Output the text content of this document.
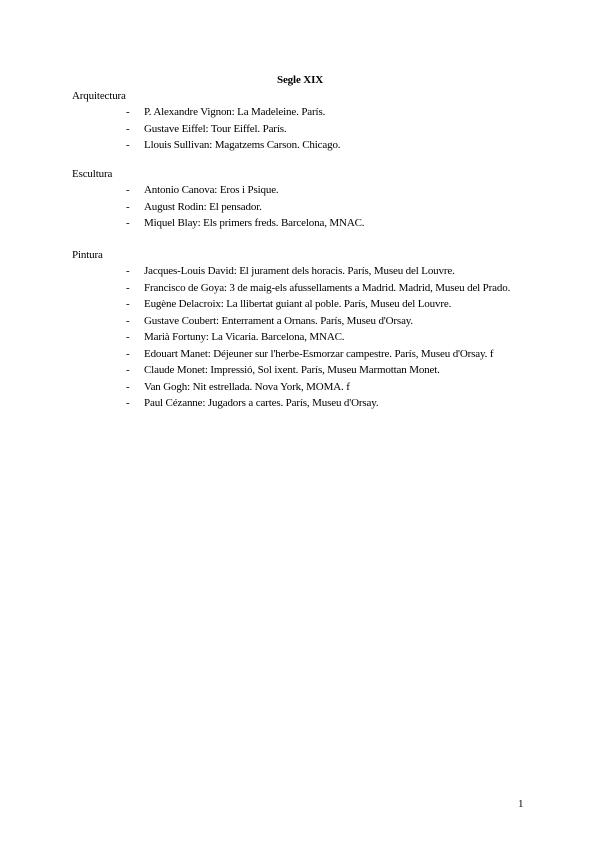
Segle XIX
Arquitectura
- P. Alexandre Vignon: La Madeleine. París.
- Gustave Eiffel: Tour Eiffel. París.
- Llouis Sullivan: Magatzems Carson. Chicago.
Escultura
- Antonio Canova: Eros i Psique.
- August Rodin: El pensador.
- Miquel Blay: Els primers freds. Barcelona, MNAC.
Pintura
- Jacques-Louis David: El jurament dels horacis. París, Museu del Louvre.
- Francisco de Goya: 3 de maig-els afussellaments a Madrid. Madrid, Museu del Prado.
- Eugène Delacroix: La llibertat guiant al poble. París, Museu del Louvre.
- Gustave Coubert: Enterrament a Ornans. París, Museu d'Orsay.
- Marià Fortuny: La Vicaria. Barcelona, MNAC.
- Edouart Manet: Déjeuner sur l'herbe-Esmorzar campestre. París, Museu d'Orsay. f
- Claude Monet: Impressió, Sol ixent. París, Museu Marmottan Monet.
- Van Gogh: Nit estrellada. Nova York, MOMA. f
- Paul Cézanne: Jugadors a cartes. París, Museu d'Orsay.
1
